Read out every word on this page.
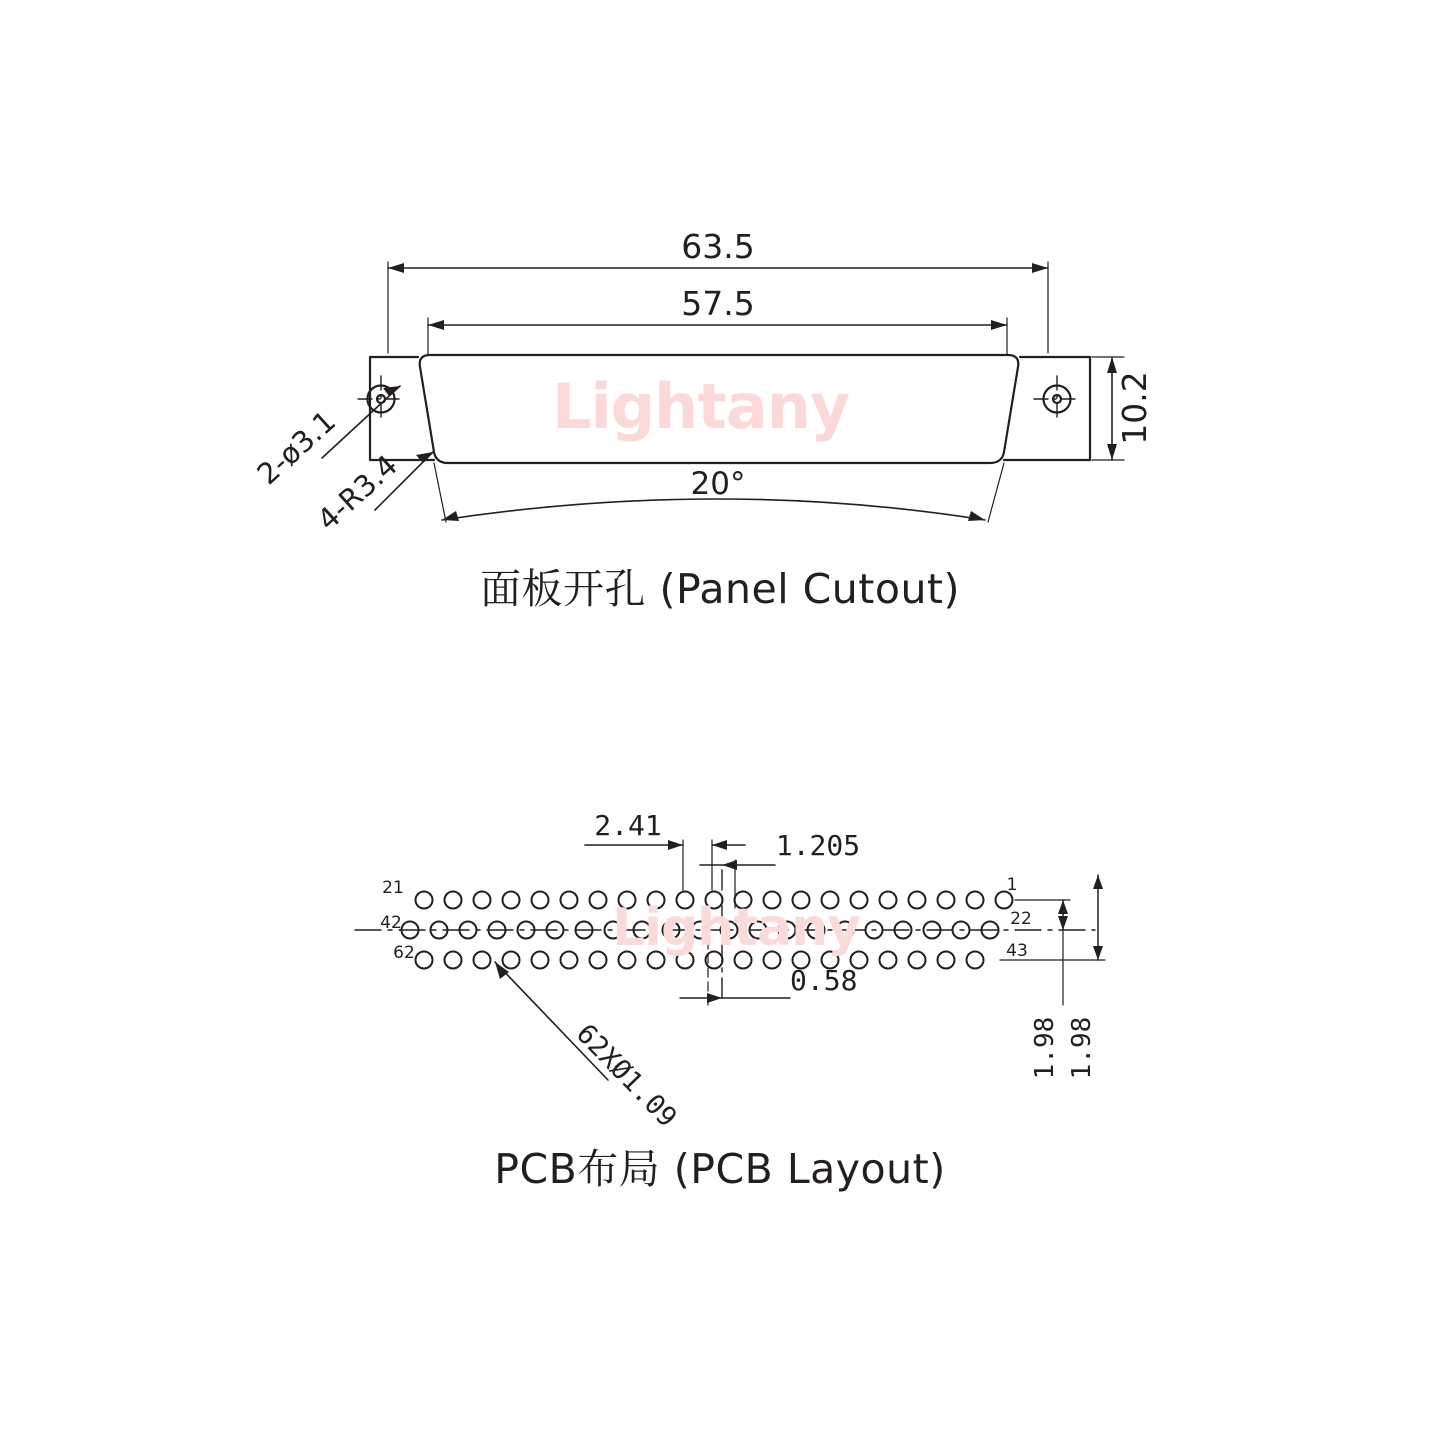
63.5
57.5
10.2
20°
2-ø3.1
4-R3.4
面板开孔 (Panel Cutout)
2.41
1.205
0.58
1.98 1.98
62XØ1.09
21
42
62
1
22
43
PCB布局 (PCB Layout)
Lightany
Lightany
